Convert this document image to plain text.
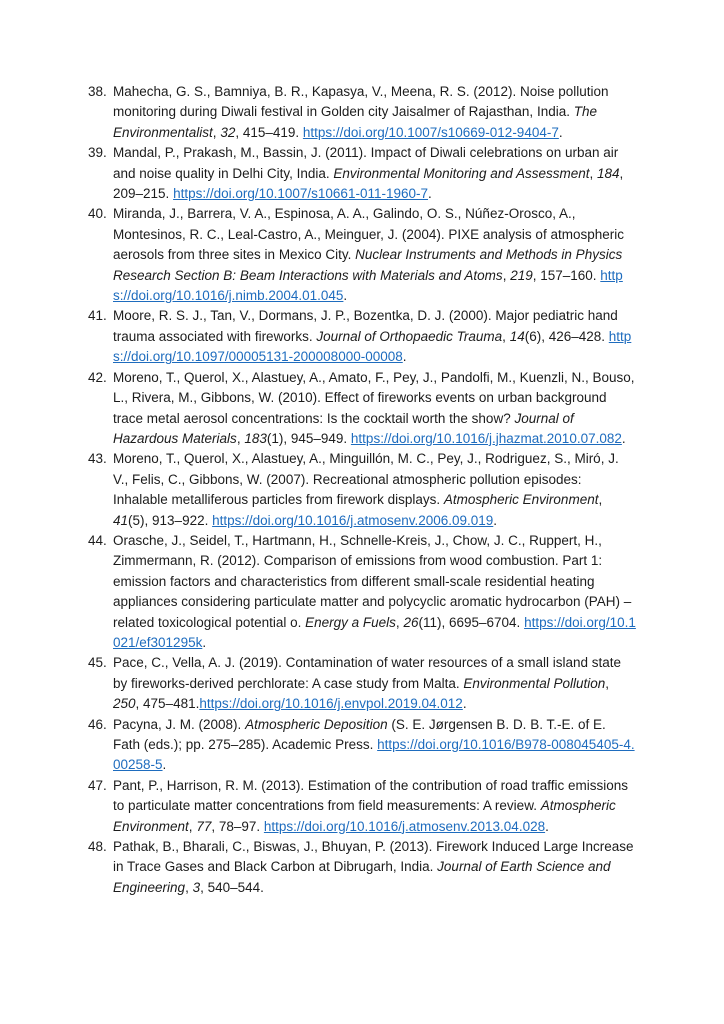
38. Mahecha, G. S., Bamniya, B. R., Kapasya, V., Meena, R. S. (2012). Noise pollution monitoring during Diwali festival in Golden city Jaisalmer of Rajasthan, India. The Environmentalist, 32, 415–419. https://doi.org/10.1007/s10669-012-9404-7.
39. Mandal, P., Prakash, M., Bassin, J. (2011). Impact of Diwali celebrations on urban air and noise quality in Delhi City, India. Environmental Monitoring and Assessment, 184, 209–215. https://doi.org/10.1007/s10661-011-1960-7.
40. Miranda, J., Barrera, V. A., Espinosa, A. A., Galindo, O. S., Núñez-Orosco, A., Montesinos, R. C., Leal-Castro, A., Meinguer, J. (2004). PIXE analysis of atmospheric aerosols from three sites in Mexico City. Nuclear Instruments and Methods in Physics Research Section B: Beam Interactions with Materials and Atoms, 219, 157–160. https://doi.org/10.1016/j.nimb.2004.01.045.
41. Moore, R. S. J., Tan, V., Dormans, J. P., Bozentka, D. J. (2000). Major pediatric hand trauma associated with fireworks. Journal of Orthopaedic Trauma, 14(6), 426–428. https://doi.org/10.1097/00005131-200008000-00008.
42. Moreno, T., Querol, X., Alastuey, A., Amato, F., Pey, J., Pandolfi, M., Kuenzli, N., Bouso, L., Rivera, M., Gibbons, W. (2010). Effect of fireworks events on urban background trace metal aerosol concentrations: Is the cocktail worth the show? Journal of Hazardous Materials, 183(1), 945–949. https://doi.org/10.1016/j.jhazmat.2010.07.082.
43. Moreno, T., Querol, X., Alastuey, A., Minguillón, M. C., Pey, J., Rodriguez, S., Miró, J. V., Felis, C., Gibbons, W. (2007). Recreational atmospheric pollution episodes: Inhalable metalliferous particles from firework displays. Atmospheric Environment, 41(5), 913–922. https://doi.org/10.1016/j.atmosenv.2006.09.019.
44. Orasche, J., Seidel, T., Hartmann, H., Schnelle-Kreis, J., Chow, J. C., Ruppert, H., Zimmermann, R. (2012). Comparison of emissions from wood combustion. Part 1: emission factors and characteristics from different small-scale residential heating appliances considering particulate matter and polycyclic aromatic hydrocarbon (PAH) – related toxicological potential o. Energy a Fuels, 26(11), 6695–6704. https://doi.org/10.1021/ef301295k.
45. Pace, C., Vella, A. J. (2019). Contamination of water resources of a small island state by fireworks-derived perchlorate: A case study from Malta. Environmental Pollution, 250, 475–481.https://doi.org/10.1016/j.envpol.2019.04.012.
46. Pacyna, J. M. (2008). Atmospheric Deposition (S. E. Jørgensen B. D. B. T.-E. of E. Fath (eds.); pp. 275–285). Academic Press. https://doi.org/10.1016/B978-008045405-4.00258-5.
47. Pant, P., Harrison, R. M. (2013). Estimation of the contribution of road traffic emissions to particulate matter concentrations from field measurements: A review. Atmospheric Environment, 77, 78–97. https://doi.org/10.1016/j.atmosenv.2013.04.028.
48. Pathak, B., Bharali, C., Biswas, J., Bhuyan, P. (2013). Firework Induced Large Increase in Trace Gases and Black Carbon at Dibrugarh, India. Journal of Earth Science and Engineering, 3, 540–544.
